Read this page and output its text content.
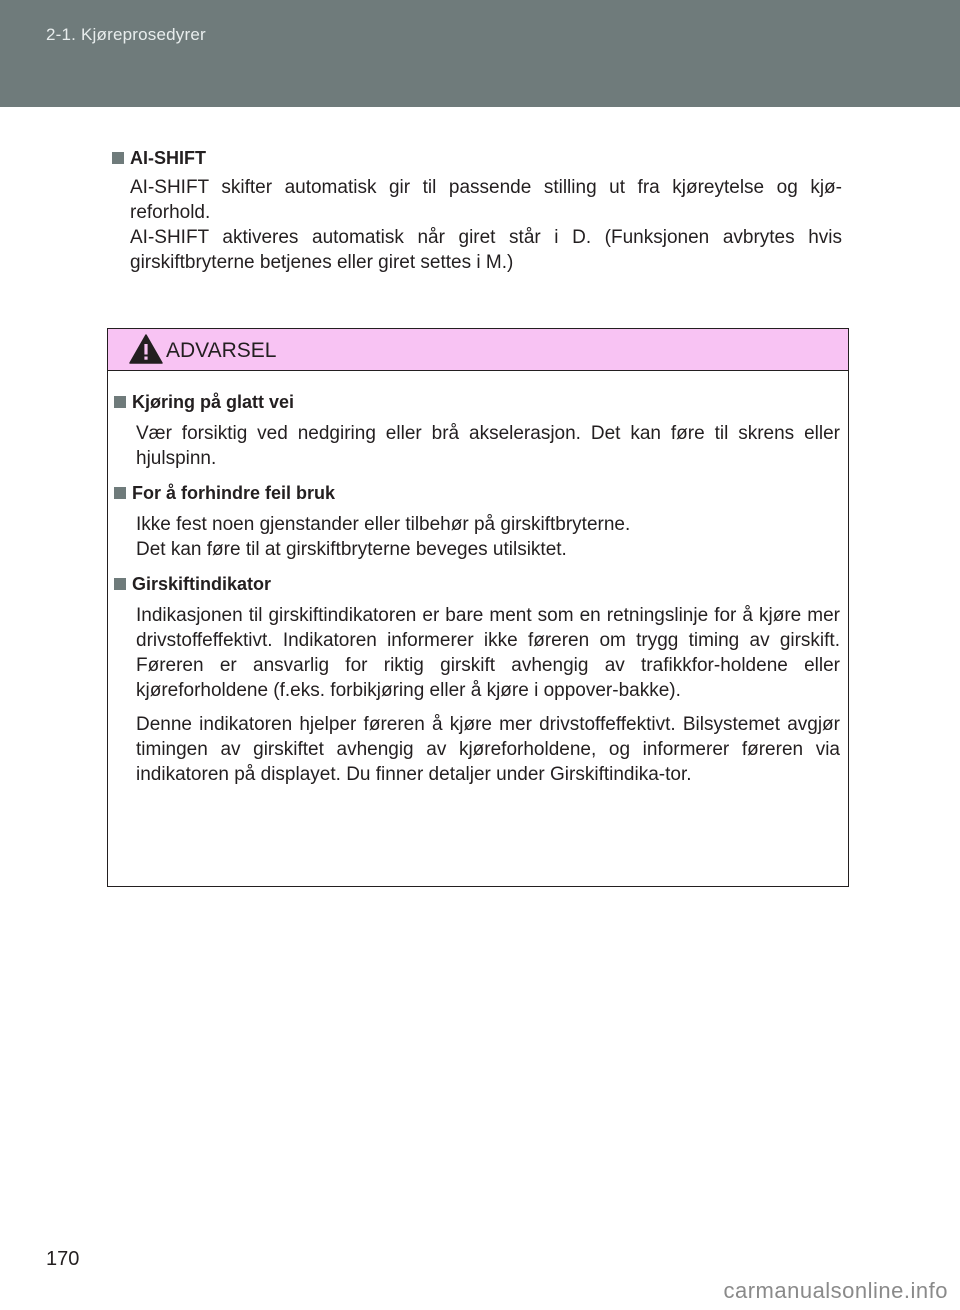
2-1. Kjøreprosedyrer
AI-SHIFT

AI-SHIFT skifter automatisk gir til passende stilling ut fra kjøreytelse og kjø-reforhold.

AI-SHIFT aktiveres automatisk når giret står i D. (Funksjonen avbrytes hvis girskiftbryterne betjenes eller giret settes i M.)

ADVARSEL
Kjøring på glatt vei

Vær forsiktig ved nedgiring eller brå akselerasjon. Det kan føre til skrens eller hjulspinn.

For å forhindre feil bruk

Ikke fest noen gjenstander eller tilbehør på girskiftbryterne.

Det kan føre til at girskiftbryterne beveges utilsiktet.

Girskiftindikator

Indikasjonen til girskiftindikatoren er bare ment som en retningslinje for å kjøre mer drivstoffeffektivt. Indikatoren informerer ikke føreren om trygg timing av girskift. Føreren er ansvarlig for riktig girskift avhengig av trafikkfor-holdene eller kjøreforholdene (f.eks. forbikjøring eller å kjøre i oppover-bakke).

Denne indikatoren hjelper føreren å kjøre mer drivstoffeffektivt. Bilsystemet avgjør timingen av girskiftet avhengig av kjøreforholdene, og informerer føreren via indikatoren på displayet. Du finner detaljer under Girskiftindika-tor.

170
carmanualsonline.info
